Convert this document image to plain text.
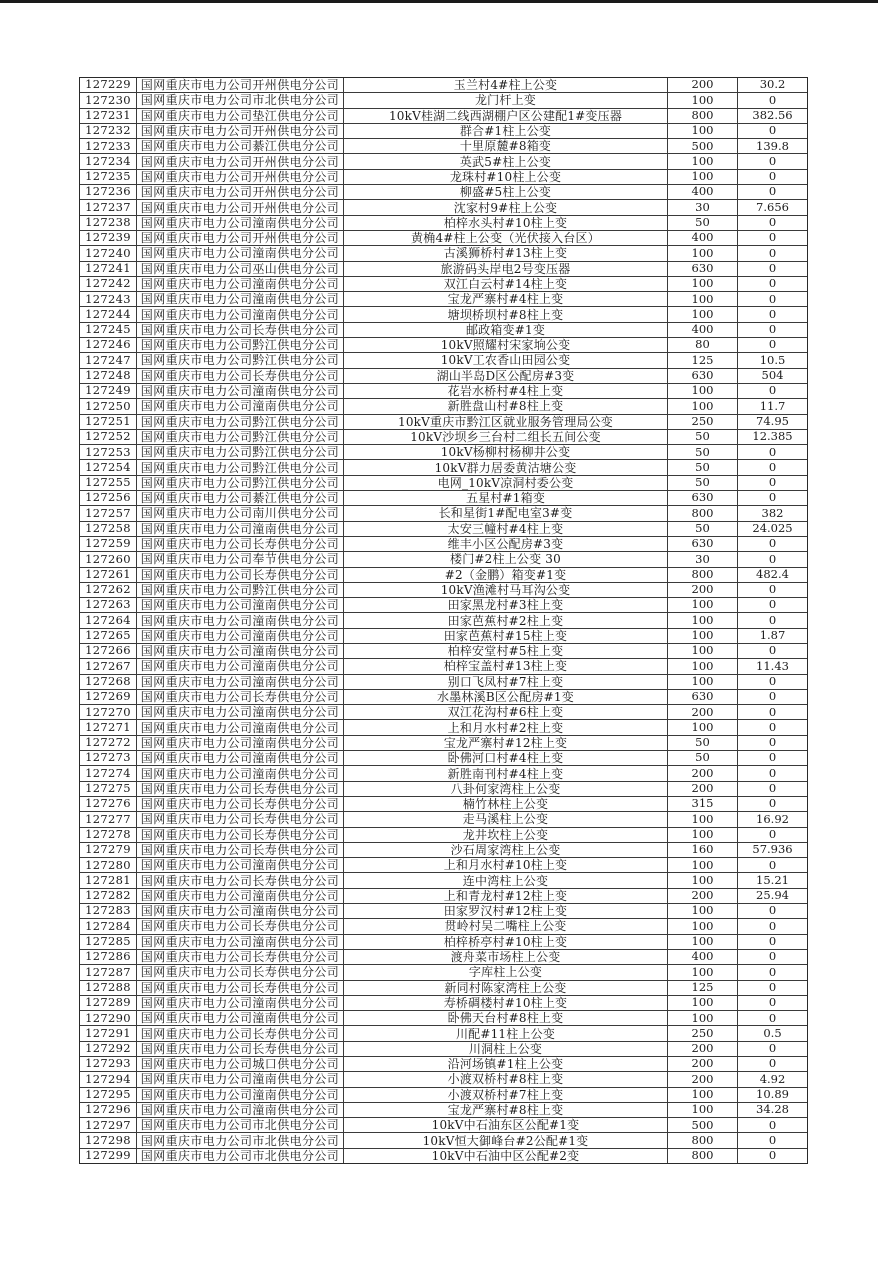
127229 国网重庆市电力公司开州供电分公司	玉兰村4#柱上公变	200	30.2
127230 国网重庆市电力公司市北供电分公司	龙门杆上变	100	0
127231 国网重庆市电力公司垫江供电分公司	10kV桂湖二线西湖棚户区公建配1#变压器	800	382.56
127232 国网重庆市电力公司开州供电分公司	群合#1柱上公变	100	0
127233 国网重庆市电力公司綦江供电分公司	十里原麓#8箱变	500	139.8
127234 国网重庆市电力公司开州供电分公司	英武5#柱上公变	100	0
127235 国网重庆市电力公司开州供电分公司	龙珠村#10柱上公变	100	0
127236 国网重庆市电力公司开州供电分公司	柳盛#5柱上公变	400	0
127237 国网重庆市电力公司开州供电分公司	沈家村9#柱上公变	30	7.656
127238 国网重庆市电力公司潼南供电分公司	柏梓水头村#10柱上变	50	0
127239 国网重庆市电力公司开州供电分公司	黄桷4#柱上公变（光伏接入台区）	400	0
127240 国网重庆市电力公司潼南供电分公司	古溪狮桥村#13柱上变	100	0
127241 国网重庆市电力公司巫山供电分公司	旅游码头岸电2号变压器	630	0
127242 国网重庆市电力公司潼南供电分公司	双江白云村#14柱上变	100	0
127243 国网重庆市电力公司潼南供电分公司	宝龙严寨村#4柱上变	100	0
127244 国网重庆市电力公司潼南供电分公司	塘坝桥坝村#8柱上变	100	0
127245 国网重庆市电力公司长寿供电分公司	邮政箱变#1变	400	0
127246 国网重庆市电力公司黔江供电分公司	10kV照耀村宋家垧公变	80	0
127247 国网重庆市电力公司黔江供电分公司	10kV工农香山田园公变	125	10.5
127248 国网重庆市电力公司长寿供电分公司	湖山半岛D区公配房#3变	630	504
127249 国网重庆市电力公司潼南供电分公司	花岩水桥村#4柱上变	100	0
127250 国网重庆市电力公司潼南供电分公司	新胜盘山村#8柱上变	100	11.7
127251 国网重庆市电力公司黔江供电分公司	10kV重庆市黔江区就业服务管理局公变	250	74.95
127252 国网重庆市电力公司黔江供电分公司	10kV沙坝乡三台村二组长五间公变	50	12.385
127253 国网重庆市电力公司黔江供电分公司	10kV杨柳村杨柳井公变	50	0
127254 国网重庆市电力公司黔江供电分公司	10kV群力居委黄沽塘公变	50	0
127255 国网重庆市电力公司黔江供电分公司	电网_10kV凉洞村委公变	50	0
127256 国网重庆市电力公司綦江供电分公司	五星村#1箱变	630	0
127257 国网重庆市电力公司南川供电分公司	长和星街1#配电室3#变	800	382
127258 国网重庆市电力公司潼南供电分公司	太安三幢村#4柱上变	50	24.025
127259 国网重庆市电力公司长寿供电分公司	维丰小区公配房#3变	630	0
127260 国网重庆市电力公司奉节供电分公司	楼门#2柱上公变 30	30	0
127261 国网重庆市电力公司长寿供电分公司	#2（金鹏）箱变#1变	800	482.4
127262 国网重庆市电力公司黔江供电分公司	10kV渔滩村马耳沟公变	200	0
127263 国网重庆市电力公司潼南供电分公司	田家黑龙村#3柱上变	100	0
127264 国网重庆市电力公司潼南供电分公司	田家芭蕉村#2柱上变	100	0
127265 国网重庆市电力公司潼南供电分公司	田家芭蕉村#15柱上变	100	1.87
127266 国网重庆市电力公司潼南供电分公司	柏梓安堂村#5柱上变	100	0
127267 国网重庆市电力公司潼南供电分公司	柏梓宝盖村#13柱上变	100	11.43
127268 国网重庆市电力公司潼南供电分公司	别口飞凤村#7柱上变	100	0
127269 国网重庆市电力公司长寿供电分公司	水墨林溪B区公配房#1变	630	0
127270 国网重庆市电力公司潼南供电分公司	双江花沟村#6柱上变	200	0
127271 国网重庆市电力公司潼南供电分公司	上和月水村#2柱上变	100	0
127272 国网重庆市电力公司潼南供电分公司	宝龙严寨村#12柱上变	50	0
127273 国网重庆市电力公司潼南供电分公司	卧佛河口村#4柱上变	50	0
127274 国网重庆市电力公司潼南供电分公司	新胜南刊村#4柱上变	200	0
127275 国网重庆市电力公司长寿供电分公司	八卦何家湾柱上公变	200	0
127276 国网重庆市电力公司长寿供电分公司	楠竹林柱上公变	315	0
127277 国网重庆市电力公司长寿供电分公司	走马溪柱上公变	100	16.92
127278 国网重庆市电力公司长寿供电分公司	龙井坎柱上公变	100	0
127279 国网重庆市电力公司长寿供电分公司	沙石周家湾柱上公变	160	57.936
127280 国网重庆市电力公司潼南供电分公司	上和月水村#10柱上变	100	0
127281 国网重庆市电力公司长寿供电分公司	连中湾柱上公变	100	15.21
127282 国网重庆市电力公司潼南供电分公司	上和青龙村#12柱上变	200	25.94
127283 国网重庆市电力公司潼南供电分公司	田家罗汉村#12柱上变	100	0
127284 国网重庆市电力公司长寿供电分公司	贯岭村吴二嘴柱上公变	100	0
127285 国网重庆市电力公司潼南供电分公司	柏梓桥亭村#10柱上变	100	0
127286 国网重庆市电力公司长寿供电分公司	渡舟菜市场柱上公变	400	0
127287 国网重庆市电力公司长寿供电分公司	字库柱上公变	100	0
127288 国网重庆市电力公司长寿供电分公司	新同村陈家湾柱上公变	125	0
127289 国网重庆市电力公司潼南供电分公司	寿桥碉楼村#10柱上变	100	0
127290 国网重庆市电力公司潼南供电分公司	卧佛天台村#8柱上变	100	0
127291 国网重庆市电力公司长寿供电分公司	川配#11柱上公变	250	0.5
127292 国网重庆市电力公司长寿供电分公司	川洞柱上公变	200	0
127293 国网重庆市电力公司城口供电分公司	沿河场镇#1柱上公变	200	0
127294 国网重庆市电力公司潼南供电分公司	小渡双桥村#8柱上变	200	4.92
127295 国网重庆市电力公司潼南供电分公司	小渡双桥村#7柱上变	100	10.89
127296 国网重庆市电力公司潼南供电分公司	宝龙严寨村#8柱上变	100	34.28
127297 国网重庆市电力公司市北供电分公司	10kV中石油东区公配#1变	500	0
127298 国网重庆市电力公司市北供电分公司	10kV恒大御峰台#2公配#1变	800	0
127299 国网重庆市电力公司市北供电分公司	10kV中石油中区公配#2变	800	0
